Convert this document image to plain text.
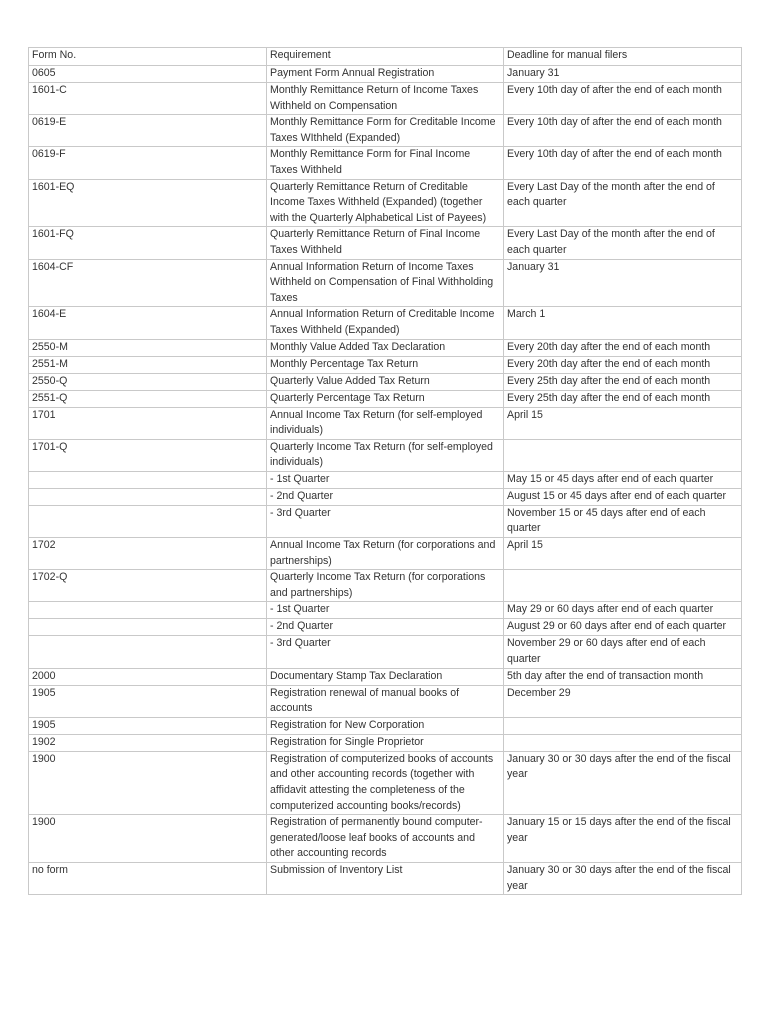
Form No.	Requirement	Deadline for manual filers
0605	Payment Form Annual Registration	January 31
1601-C	Monthly Remittance Return of Income Taxes Withheld on Compensation	Every 10th day of after the end of each month
0619-E	Monthly Remittance Form for Creditable Income Taxes WIthheld (Expanded)	Every 10th day of after the end of each month
0619-F	Monthly Remittance Form for Final Income Taxes Withheld	Every 10th day of after the end of each month
1601-EQ	Quarterly Remittance Return of Creditable Income Taxes Withheld (Expanded) (together with the Quarterly Alphabetical List of Payees)	Every Last Day of the month after the end of each quarter
1601-FQ	Quarterly Remittance Return of Final Income Taxes Withheld	Every Last Day of the month after the end of each quarter
1604-CF	Annual Information Return of Income Taxes Withheld on Compensation of Final Withholding Taxes	January 31
1604-E	Annual Information Return of Creditable Income Taxes Withheld (Expanded)	March 1
2550-M	Monthly Value Added Tax Declaration	Every 20th day after the end of each month
2551-M	Monthly Percentage Tax Return	Every 20th day after the end of each month
2550-Q	Quarterly Value Added Tax Return	Every 25th day after the end of each month
2551-Q	Quarterly Percentage Tax Return	Every 25th day after the end of each month
1701	Annual Income Tax Return (for self-employed individuals)	April 15
1701-Q	Quarterly Income Tax Return (for self-employed individuals)	
	- 1st Quarter	May 15 or 45 days after end of each quarter
	- 2nd Quarter	August 15 or 45 days after end of each quarter
	- 3rd Quarter	November 15 or 45 days after end of each quarter
1702	Annual Income Tax Return (for corporations and partnerships)	April 15
1702-Q	Quarterly Income Tax Return (for corporations and partnerships)	
	- 1st Quarter	May 29 or 60 days after end of each quarter
	- 2nd Quarter	August 29 or 60 days after end of each quarter
	- 3rd Quarter	November 29 or 60 days after end of each quarter
2000	Documentary Stamp Tax Declaration	5th day after the end of transaction month
1905	Registration renewal of manual books of accounts	December 29
1905	Registration for New Corporation	
1902	Registration for Single Proprietor	
1900	Registration of computerized books of accounts and other accounting records (together with affidavit attesting the completeness of the computerized accounting books/records)	January 30 or 30 days after the end of the fiscal year
1900	Registration of permanently bound computer-generated/loose leaf books of accounts and other accounting records	January 15 or 15 days after the end of the fiscal year
no form	Submission of Inventory List	January 30 or 30 days after the end of the fiscal year
